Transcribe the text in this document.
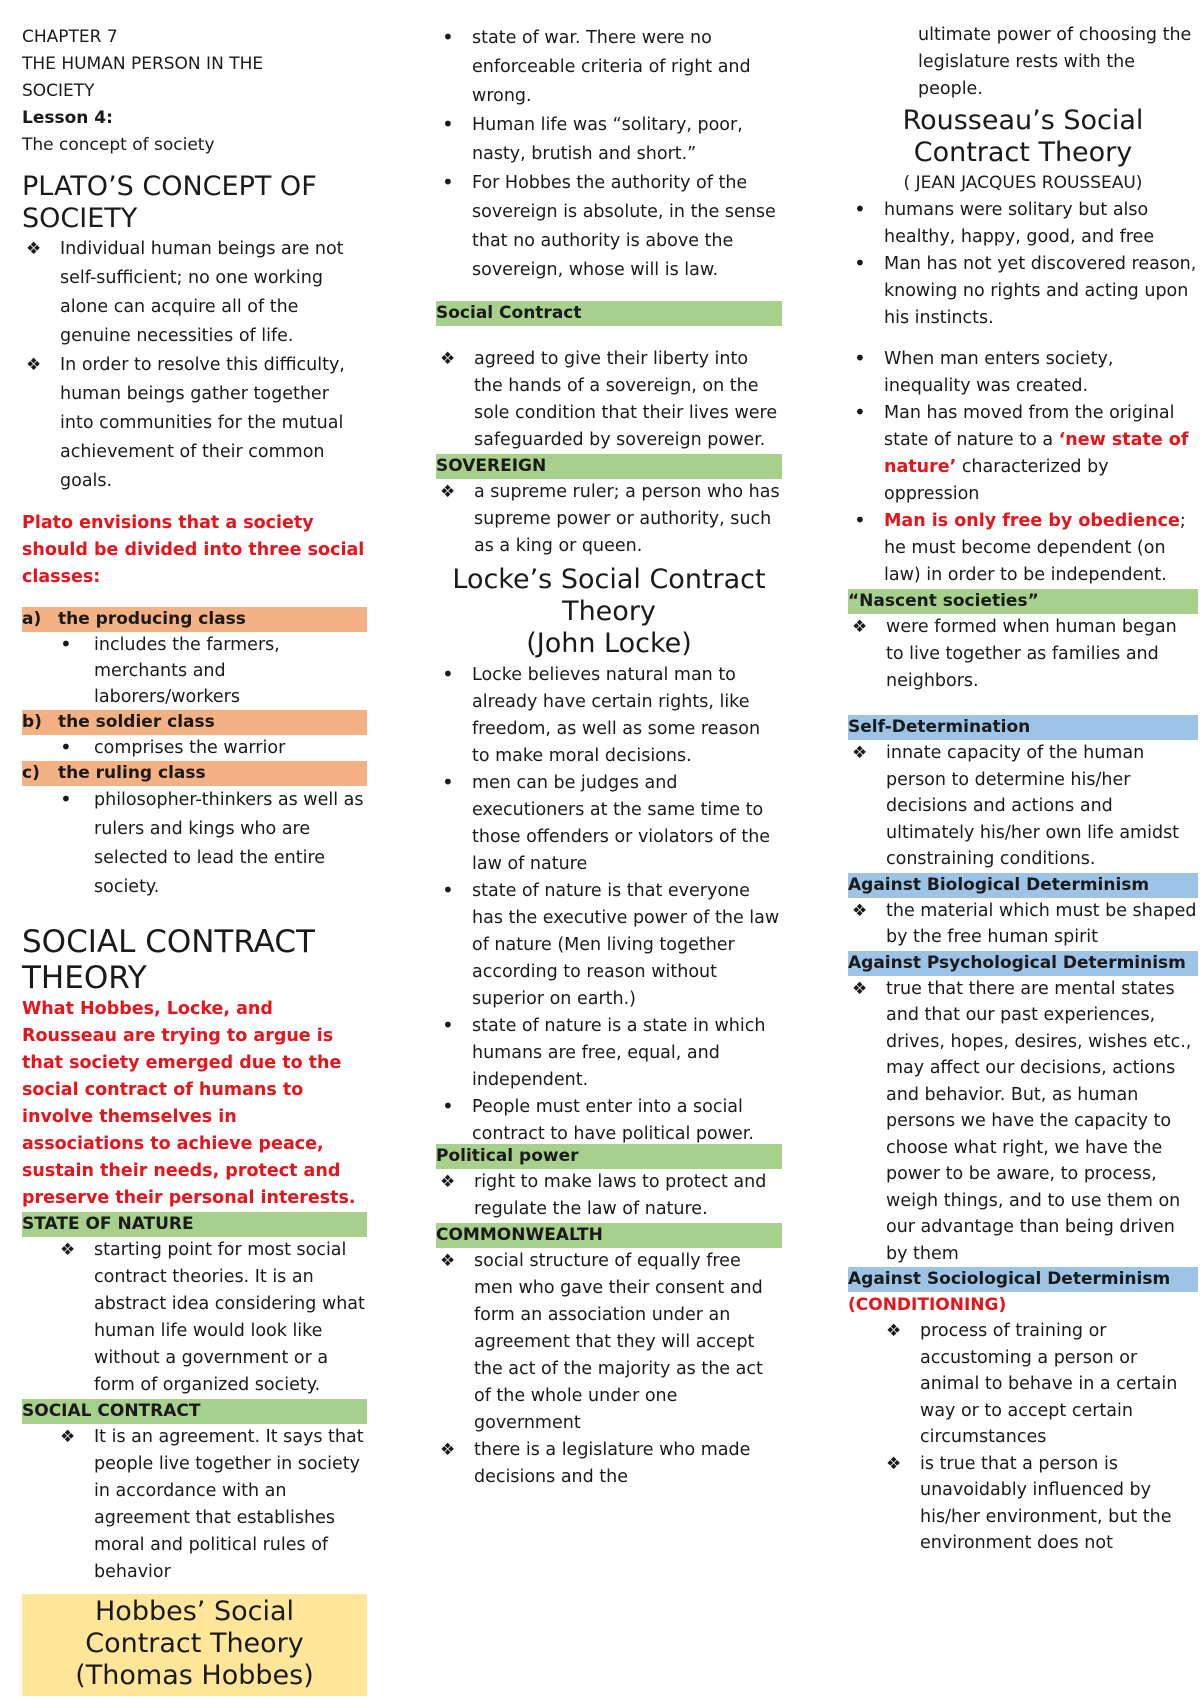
CHAPTER 7

THE HUMAN PERSON IN THE

SOCIETY

Lesson 4:

The concept of society

PLATO’S CONCEPT OF
SOCIETY
❖ Individual human beings are not self-sufficient; no one working alone can acquire all of the genuine necessities of life.
❖ In order to resolve this difficulty, human beings gather together into communities for the mutual achievement of their common goals.

Plato envisions that a society should be divided into three social classes:

a) the producing class
• includes the farmers, merchants and laborers/workers
b) the soldier class
• comprises the warrior
c) the ruling class
• philosopher-thinkers as well as rulers and kings who are selected to lead the entire society.
SOCIAL CONTRACT
THEORY

What Hobbes, Locke, and Rousseau are trying to argue is that society emerged due to the social contract of humans to involve themselves in associations to achieve peace, sustain their needs, protect and preserve their personal interests.

STATE OF NATURE
❖ starting point for most social contract theories. It is an abstract idea considering what human life would look like without a government or a form of organized society.
SOCIAL CONTRACT
❖ It is an agreement. It says that people live together in society in accordance with an agreement that establishes moral and political rules of behavior
Hobbes’ Social
Contract Theory
(Thomas Hobbes)
• state of war. There were no enforceable criteria of right and wrong.
• Human life was “solitary, poor, nasty, brutish and short.”
• For Hobbes the authority of the sovereign is absolute, in the sense that no authority is above the sovereign, whose will is law.
Social Contract
❖ agreed to give their liberty into the hands of a sovereign, on the sole condition that their lives were safeguarded by sovereign power.
SOVEREIGN
❖ a supreme ruler; a person who has supreme power or authority, such as a king or queen.
Locke’s Social Contract
Theory
(John Locke)
• Locke believes natural man to already have certain rights, like freedom, as well as some reason to make moral decisions.
• men can be judges and executioners at the same time to those offenders or violators of the law of nature
• state of nature is that everyone has the executive power of the law of nature (Men living together according to reason without superior on earth.)
• state of nature is a state in which humans are free, equal, and independent.
• People must enter into a social contract to have political power.
Political power
❖ right to make laws to protect and regulate the law of nature.
COMMONWEALTH
❖ social structure of equally free men who gave their consent and form an association under an agreement that they will accept the act of the majority as the act of the whole under one government
❖ there is a legislature who made decisions and the

ultimate power of choosing the legislature rests with the people.

Rousseau’s Social
Contract Theory
( JEAN JACQUES ROUSSEAU)
• humans were solitary but also healthy, happy, good, and free
• Man has not yet discovered reason, knowing no rights and acting upon his instincts.
• When man enters society, inequality was created.
• Man has moved from the original state of nature to a ‘new state of nature’ characterized by oppression
• Man is only free by obedience; he must become dependent (on law) in order to be independent.
“Nascent societies”
❖ were formed when human began to live together as families and neighbors.
Self-Determination
❖ innate capacity of the human person to determine his/her decisions and actions and ultimately his/her own life amidst constraining conditions.
Against Biological Determinism
❖ the material which must be shaped by the free human spirit
Against Psychological Determinism
❖ true that there are mental states and that our past experiences, drives, hopes, desires, wishes etc., may affect our decisions, actions and behavior. But, as human persons we have the capacity to choose what right, we have the power to be aware, to process, weigh things, and to use them on our advantage than being driven by them
Against Sociological Determinism
(CONDITIONING)
❖ process of training or accustoming a person or animal to behave in a certain way or to accept certain circumstances
❖ is true that a person is unavoidably influenced by his/her environment, but the environment does not
